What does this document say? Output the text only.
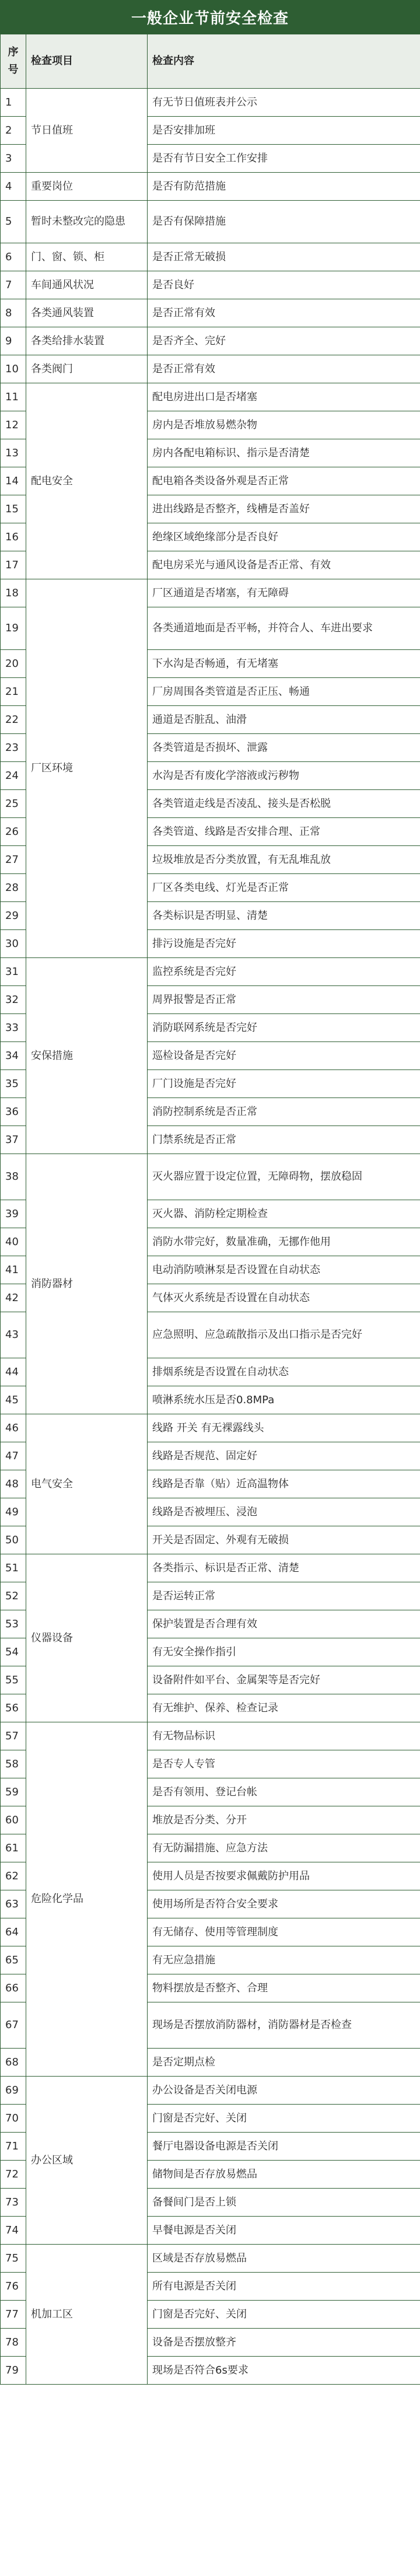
一般企业节前安全检查
序
号	检查项目	检查内容
1	节日值班	有无节日值班表并公示
2		是否安排加班
3		是否有节日安全工作安排
4	重要岗位	是否有防范措施
5	暂时未整改完的隐患	是否有保障措施
6	门、窗、锁、柜	是否正常无破损
7	车间通风状况	是否良好
8	各类通风装置	是否正常有效
9	各类给排水装置	是否齐全、完好
10	各类阀门	是否正常有效
11	配电安全	配电房进出口是否堵塞
12		房内是否堆放易燃杂物
13		房内各配电箱标识、指示是否清楚
14		配电箱各类设备外观是否正常
15		进出线路是否整齐，线槽是否盖好
16		绝缘区域绝缘部分是否良好
17		配电房采光与通风设备是否正常、有效
18	厂区环境	厂区通道是否堵塞，有无障碍
19		各类通道地面是否平畅，并符合人、车进出要求
20		下水沟是否畅通，有无堵塞
21		厂房周围各类管道是否正压、畅通
22		通道是否脏乱、油滑
23		各类管道是否损坏、泄露
24		水沟是否有废化学溶液或污秽物
25		各类管道走线是否凌乱、接头是否松脱
26		各类管道、线路是否安排合理、正常
27		垃圾堆放是否分类放置，有无乱堆乱放
28		厂区各类电线、灯光是否正常
29		各类标识是否明显、清楚
30		排污设施是否完好
31	安保措施	监控系统是否完好
32		周界报警是否正常
33		消防联网系统是否完好
34		巡检设备是否完好
35		厂门设施是否完好
36		消防控制系统是否正常
37		门禁系统是否正常
38	消防器材	灭火器应置于设定位置，无障碍物，摆放稳固
39		灭火器、消防栓定期检查
40		消防水带完好，数量准确，无挪作他用
41		电动消防喷淋泵是否设置在自动状态
42		气体灭火系统是否设置在自动状态
43		应急照明、应急疏散指示及出口指示是否完好
44		排烟系统是否设置在自动状态
45		喷淋系统水压是否0.8MPa
46	电气安全	线路 开关 有无裸露线头
47		线路是否规范、固定好
48		线路是否靠（贴）近高温物体
49		线路是否被埋压、浸泡
50		开关是否固定、外观有无破损
51	仪器设备	各类指示、标识是否正常、清楚
52		是否运转正常
53		保护装置是否合理有效
54		有无安全操作指引
55		设备附件如平台、金属架等是否完好
56		有无维护、保养、检查记录
57	危险化学品	有无物品标识
58		是否专人专管
59		是否有领用、登记台帐
60		堆放是否分类、分开
61		有无防漏措施、应急方法
62		使用人员是否按要求佩戴防护用品
63		使用场所是否符合安全要求
64		有无储存、使用等管理制度
65		有无应急措施
66		物料摆放是否整齐、合理
67		现场是否摆放消防器材，消防器材是否检查
68		是否定期点检
69	办公区域	办公设备是否关闭电源
70		门窗是否完好、关闭
71		餐厅电器设备电源是否关闭
72		储物间是否存放易燃品
73		备餐间门是否上锁
74		早餐电源是否关闭
75	机加工区	区域是否存放易燃品
76		所有电源是否关闭
77		门窗是否完好、关闭
78		设备是否摆放整齐
79		现场是否符合6s要求
